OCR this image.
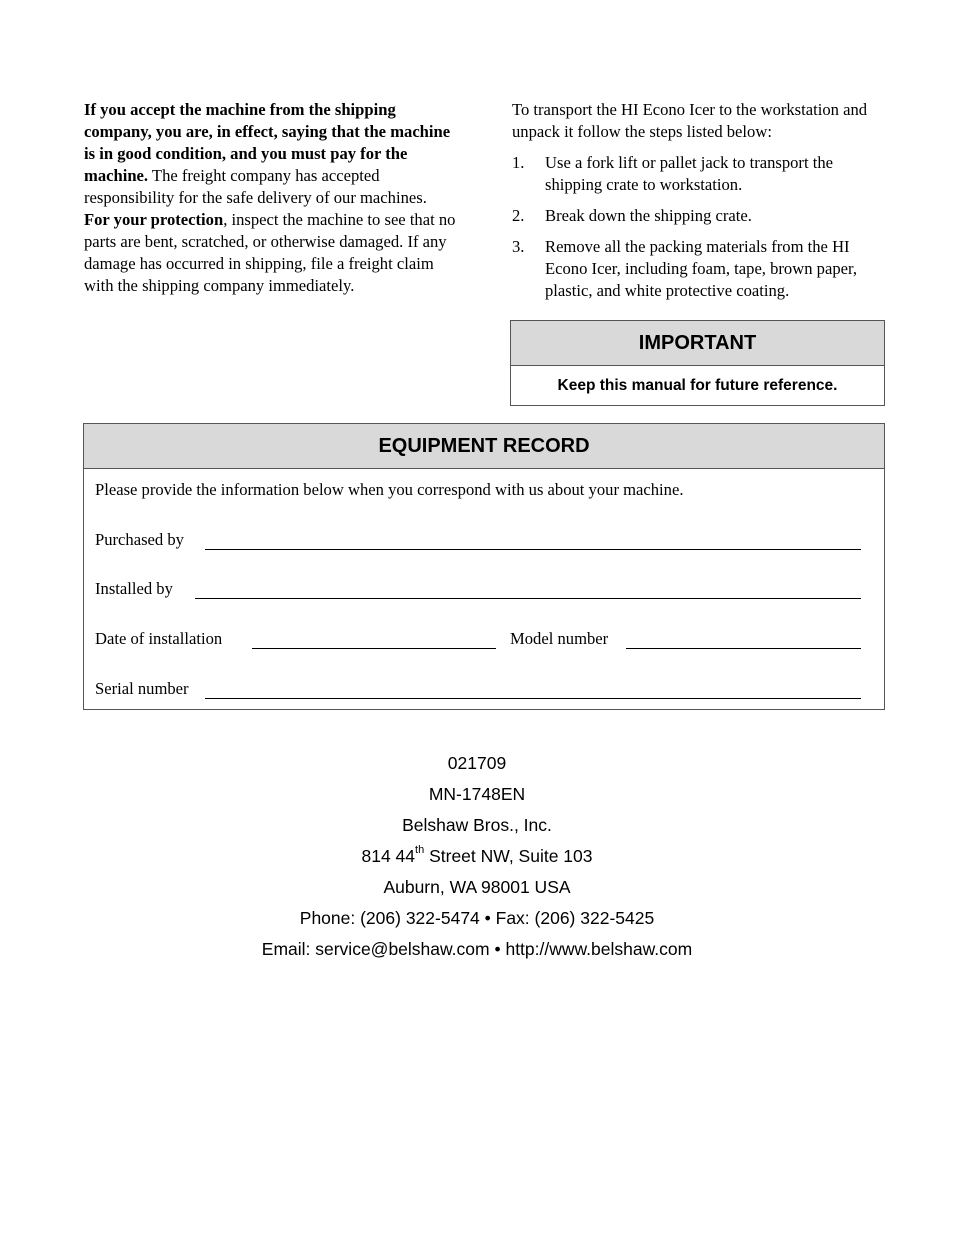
If you accept the machine from the shipping company, you are, in effect, saying that the machine is in good condition, and you must pay for the machine. The freight company has accepted responsibility for the safe delivery of our machines. For your protection, inspect the machine to see that no parts are bent, scratched, or otherwise damaged. If any damage has occurred in shipping, file a freight claim with the shipping company immediately.

To transport the HI Econo Icer to the workstation and unpack it follow the steps listed below:

1. Use a fork lift or pallet jack to transport the shipping crate to workstation.
2. Break down the shipping crate.
3. Remove all the packing materials from the HI Econo Icer, including foam, tape, brown paper, plastic, and white protective coating.
IMPORTANT
Keep this manual for future reference.
EQUIPMENT RECORD
Please provide the information below when you correspond with us about your machine.
Purchased by
Installed by
Date of installation	Model number
Serial number
021709
MN-1748EN
Belshaw Bros., Inc.
814 44th Street NW, Suite 103
Auburn, WA 98001 USA
Phone: (206) 322-5474 • Fax: (206) 322-5425
Email: service@belshaw.com • http://www.belshaw.com
